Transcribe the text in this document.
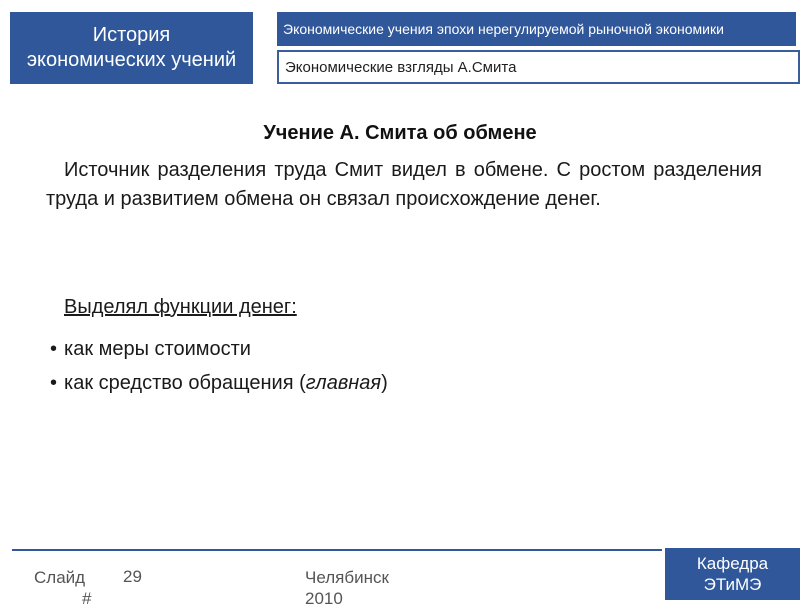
История
экономических учений
Экономические учения эпохи нерегулируемой рыночной экономики
Экономические взгляды А.Смита
Учение А. Смита об обмене

Источник разделения труда Смит видел в обмене. С ростом разделения труда и развитием обмена он связал происхождение денег.

Выделял функции денег:
• как меры стоимости
• как средство обращения (главная)
Слайд
#
29	Челябинск
2010
Кафедра
ЭТиМЭ
